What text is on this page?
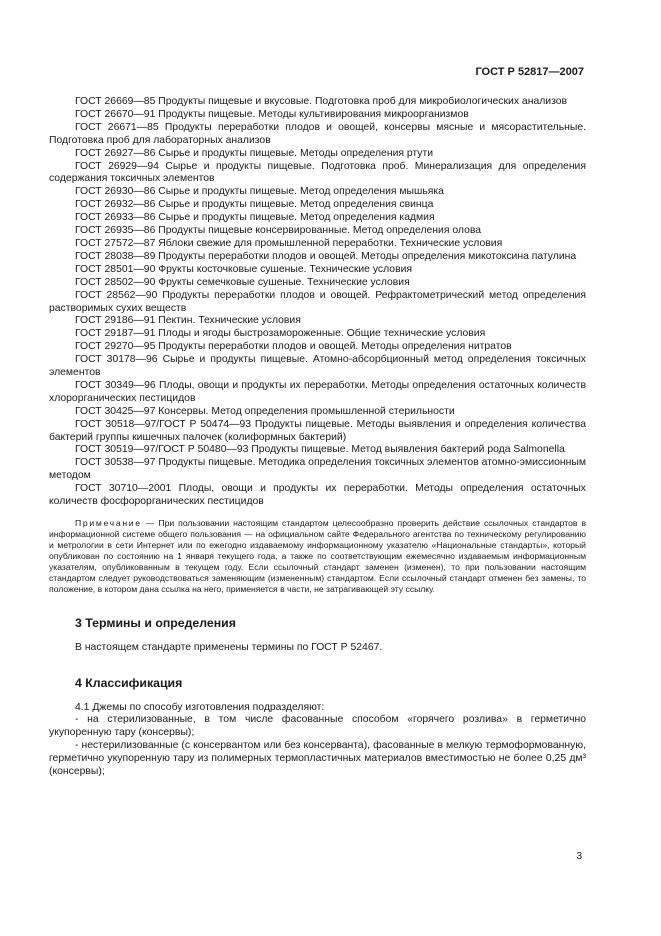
ГОСТ Р 52817—2007

ГОСТ 26669—85 Продукты пищевые и вкусовые. Подготовка проб для микробиологических анализов

ГОСТ 26670—91 Продукты пищевые. Методы культивирования микроорганизмов

ГОСТ 26671—85 Продукты переработки плодов и овощей, консервы мясные и мясорастительные. Подготовка проб для лабораторных анализов

ГОСТ 26927—86 Сырье и продукты пищевые. Методы определения ртути

ГОСТ 26929—94 Сырье и продукты пищевые. Подготовка проб. Минерализация для определения содержания токсичных элементов

ГОСТ 26930—86 Сырье и продукты пищевые. Метод определения мышьяка

ГОСТ 26932—86 Сырье и продукты пищевые. Метод определения свинца

ГОСТ 26933—86 Сырье и продукты пищевые. Метод определения кадмия

ГОСТ 26935—86 Продукты пищевые консервированные. Метод определения олова

ГОСТ 27572—87 Яблоки свежие для промышленной переработки. Технические условия

ГОСТ 28038—89 Продукты переработки плодов и овощей. Методы определения микотоксина патулина

ГОСТ 28501—90 Фрукты косточковые сушеные. Технические условия

ГОСТ 28502—90 Фрукты семечковые сушеные. Технические условия

ГОСТ 28562—90 Продукты переработки плодов и овощей. Рефрактометрический метод определения растворимых сухих веществ

ГОСТ 29186—91 Пектин. Технические условия

ГОСТ 29187—91 Плоды и ягоды быстрозамороженные. Общие технические условия

ГОСТ 29270—95 Продукты переработки плодов и овощей. Методы определения нитратов

ГОСТ 30178—96 Сырье и продукты пищевые. Атомно-абсорбционный метод определения токсичных элементов

ГОСТ 30349—96 Плоды, овощи и продукты их переработки. Методы определения остаточных количеств хлорорганических пестицидов

ГОСТ 30425—97 Консервы. Метод определения промышленной стерильности

ГОСТ 30518—97/ГОСТ Р 50474—93 Продукты пищевые. Методы выявления и определения количества бактерий группы кишечных палочек (колиформных бактерий)

ГОСТ 30519—97/ГОСТ Р 50480—93 Продукты пищевые. Метод выявления бактерий рода Salmonella

ГОСТ 30538—97 Продукты пищевые. Методика определения токсичных элементов атомно-эмиссионным методом

ГОСТ 30710—2001 Плоды, овощи и продукты их переработки. Методы определения остаточных количеств фосфорорганических пестицидов

Примечание — При пользовании настоящим стандартом целесообразно проверить действие ссылочных стандартов в информационной системе общего пользования — на официальном сайте Федерального агентства по техническому регулированию и метрологии в сети Интернет или по ежегодно издаваемому информационному указателю «Национальные стандарты», который опубликован по состоянию на 1 января текущего года, а также по соответствующим ежемесячно издаваемым информационным указателям, опубликованным в текущем году. Если ссылочный стандарт заменен (изменен), то при пользовании настоящим стандартом следует руководствоваться заменяющим (измененным) стандартом. Если ссылочный стандарт отменен без замены, то положение, в котором дана ссылка на него, применяется в части, не затрагивающей эту ссылку.

3 Термины и определения

В настоящем стандарте применены термины по ГОСТ Р 52467.

4 Классификация

4.1 Джемы по способу изготовления подразделяют:

- на стерилизованные, в том числе фасованные способом «горячего розлива» в герметично укупоренную тару (консервы);

- нестерилизованные (с консервантом или без консерванта), фасованные в мелкую термоформованную, герметично укупоренную тару из полимерных термопластичных материалов вместимостью не более 0,25 дм³ (консервы);

3
